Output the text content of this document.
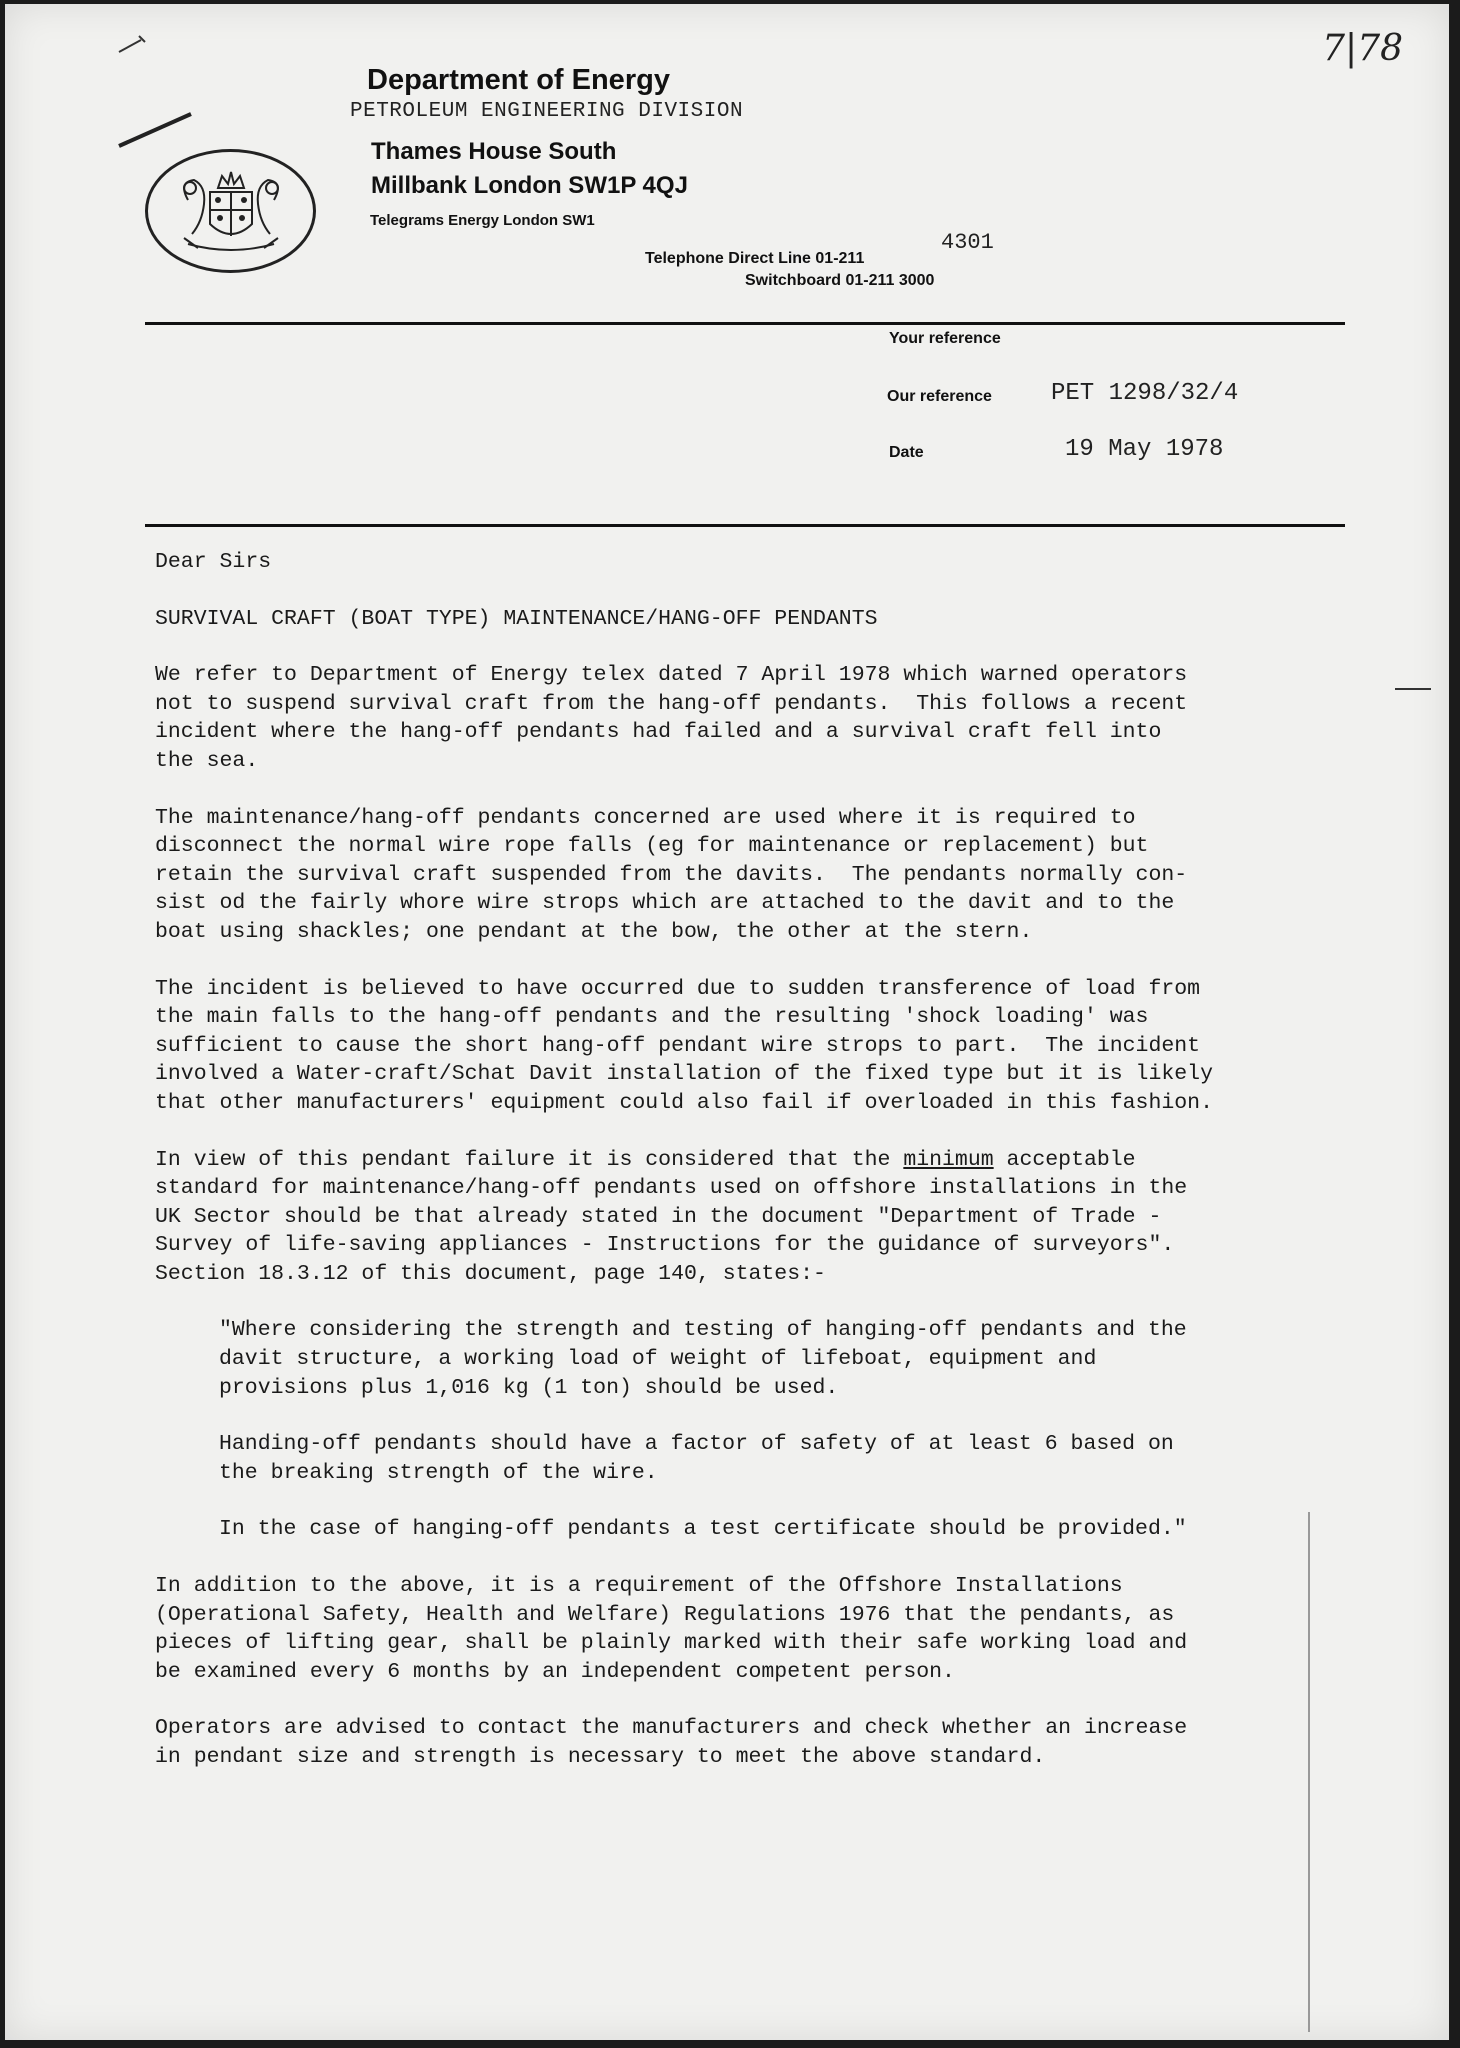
7|78
Department of Energy
PETROLEUM ENGINEERING DIVISION
Thames House South
Millbank London SW1P 4QJ
Telegrams Energy London SW1
Telephone Direct Line 01-211
4301
Switchboard 01-211 3000
Your reference
Our reference PET 1298/32/4
Date	19 May 1978

Dear Sirs

SURVIVAL CRAFT (BOAT TYPE) MAINTENANCE/HANG-OFF PENDANTS

We refer to Department of Energy telex dated 7 April 1978 which warned operators
not to suspend survival craft from the hang-off pendants.  This follows a recent
incident where the hang-off pendants had failed and a survival craft fell into
the sea.

The maintenance/hang-off pendants concerned are used where it is required to
disconnect the normal wire rope falls (eg for maintenance or replacement) but
retain the survival craft suspended from the davits.  The pendants normally con-
sist od the fairly whore wire strops which are attached to the davit and to the
boat using shackles; one pendant at the bow, the other at the stern.

The incident is believed to have occurred due to sudden transference of load from
the main falls to the hang-off pendants and the resulting 'shock loading' was
sufficient to cause the short hang-off pendant wire strops to part.  The incident
involved a Water-craft/Schat Davit installation of the fixed type but it is likely
that other manufacturers' equipment could also fail if overloaded in this fashion.

In view of this pendant failure it is considered that the minimum acceptable
standard for maintenance/hang-off pendants used on offshore installations in the
UK Sector should be that already stated in the document "Department of Trade -
Survey of life-saving appliances - Instructions for the guidance of surveyors".
Section 18.3.12 of this document, page 140, states:-

"Where considering the strength and testing of hanging-off pendants and the
davit structure, a working load of weight of lifeboat, equipment and
provisions plus 1,016 kg (1 ton) should be used.

Handing-off pendants should have a factor of safety of at least 6 based on
the breaking strength of the wire.

In the case of hanging-off pendants a test certificate should be provided."

In addition to the above, it is a requirement of the Offshore Installations
(Operational Safety, Health and Welfare) Regulations 1976 that the pendants, as
pieces of lifting gear, shall be plainly marked with their safe working load and
be examined every 6 months by an independent competent person.

Operators are advised to contact the manufacturers and check whether an increase
in pendant size and strength is necessary to meet the above standard.
